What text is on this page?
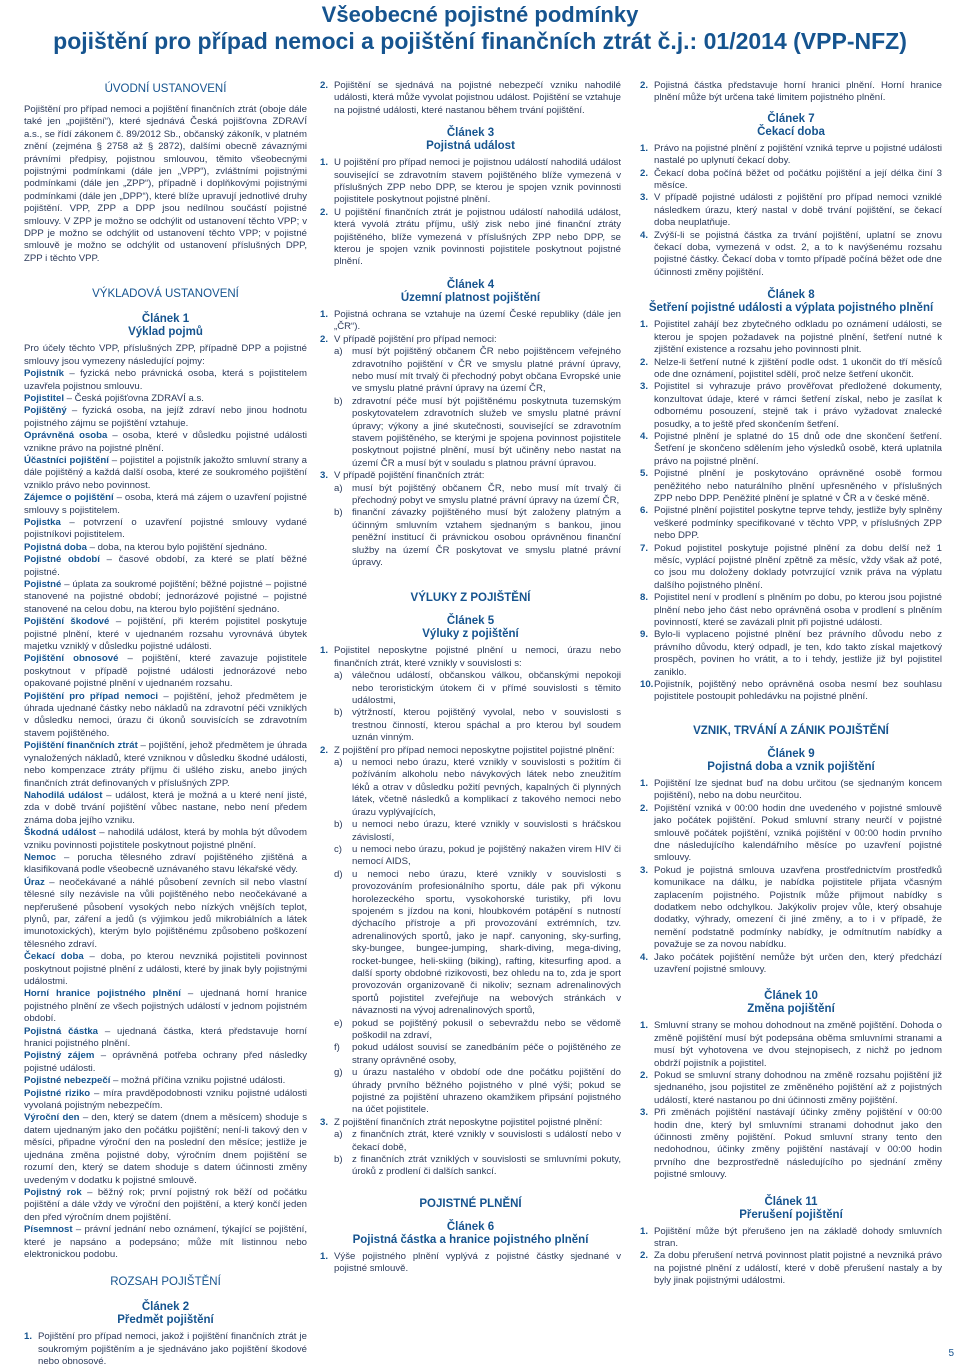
Všeobecné pojistné podmínky
pojištění pro případ nemoci a pojištění finančních ztrát č.j.: 01/2014 (VPP-NFZ)
ÚVODNÍ USTANOVENÍ

Pojištění pro případ nemoci a pojištění finančních ztrát (oboje dále také jen „pojištění“), které sjednává Česká pojišťovna ZDRAVÍ a.s., se řídí zákonem č. 89/2012 Sb., občanský zákoník, v platném znění (zejména § 2758 až § 2872), dalšími obecně závaznými právními předpisy, pojistnou smlouvou, těmito všeobecnými pojistnými podmínkami (dále jen „VPP“), zvláštními pojistnými podmínkami (dále jen „ZPP“), případně i doplňkovými pojistnými podmínkami (dále jen „DPP“), které blíže upravují jednotlivé druhy pojištění. VPP, ZPP a DPP jsou nedílnou součástí pojistné smlouvy. V ZPP je možno se odchýlit od ustanovení těchto VPP; v DPP je možno se odchýlit od ustanovení těchto VPP; v pojistné smlouvě je možno se odchýlit od ustanovení příslušných DPP, ZPP i těchto VPP.

VÝKLADOVÁ USTANOVENÍ
Článek 1
Výklad pojmů

Pro účely těchto VPP, příslušných ZPP, případně DPP a pojistné smlouvy jsou vymezeny následující pojmy:

Pojistník – fyzická nebo právnická osoba, která s pojistitelem uzavřela pojistnou smlouvu.

Pojistitel – Česká pojišťovna ZDRAVÍ a.s.

Pojištěný – fyzická osoba, na jejíž zdraví nebo jinou hodnotu pojistného zájmu se pojištění vztahuje.

Oprávněná osoba – osoba, které v důsledku pojistné události vznikne právo na pojistné plnění.

Účastníci pojištění – pojistitel a pojistník jakožto smluvní strany a dále pojištěný a každá další osoba, které ze soukromého pojištění vzniklo právo nebo povinnost.

Zájemce o pojištění – osoba, která má zájem o uzavření pojistné smlouvy s pojistitelem.

Pojistka – potvrzení o uzavření pojistné smlouvy vydané pojistníkovi pojistitelem.

Pojistná doba – doba, na kterou bylo pojištění sjednáno.

Pojistné období – časové období, za které se platí běžné pojistné.

Pojistné – úplata za soukromé pojištění; běžné pojistné – pojistné stanovené na pojistné období; jednorázové pojistné – pojistné stanovené na celou dobu, na kterou bylo pojištění sjednáno.

Pojištění škodové – pojištění, při kterém pojistitel poskytuje pojistné plnění, které v ujednaném rozsahu vyrovnává úbytek majetku vzniklý v důsledku pojistné události.

Pojištění obnosové – pojištění, které zavazuje pojistitele poskytnout v případě pojistné události jednorázové nebo opakované pojistné plnění v ujednaném rozsahu.

Pojištění pro případ nemoci – pojištění, jehož předmětem je úhrada ujednané částky nebo nákladů na zdravotní péči vzniklých v důsledku nemoci, úrazu či úkonů souvisících se zdravotním stavem pojištěného.

Pojištění finančních ztrát – pojištění, jehož předmětem je úhrada vynaložených nákladů, které vzniknou v důsledku škodné události, nebo kompenzace ztráty příjmu či ušlého zisku, anebo jiných finančních ztrát definovaných v příslušných ZPP.

Nahodilá událost – událost, která je možná a u které není jisté, zda v době trvání pojištění vůbec nastane, nebo není předem známa doba jejího vzniku.

Škodná událost – nahodilá událost, která by mohla být důvodem vzniku povinnosti pojistitele poskytnout pojistné plnění.

Nemoc – porucha tělesného zdraví pojištěného zjištěná a klasifikovaná podle všeobecně uznávaného stavu lékařské vědy.

Úraz – neočekávané a náhlé působení zevních sil nebo vlastní tělesné síly nezávisle na vůli pojištěného nebo neočekávané a nepřerušené působení vysokých nebo nízkých vnějších teplot, plynů, par, záření a jedů (s výjimkou jedů mikrobiálních a látek imunotoxických), kterým bylo pojištěnému způsobeno poškození tělesného zdraví.

Čekací doba – doba, po kterou nevzniká pojistiteli povinnost poskytnout pojistné plnění z události, které by jinak byly pojistnými událostmi.

Horní hranice pojistného plnění – ujednaná horní hranice pojistného plnění ze všech pojistných událostí v jednom pojistném období.

Pojistná částka – ujednaná částka, která představuje horní hranici pojistného plnění.

Pojistný zájem – oprávněná potřeba ochrany před následky pojistné události.

Pojistné nebezpečí – možná příčina vzniku pojistné události.

Pojistné riziko – míra pravděpodobnosti vzniku pojistné události vyvolaná pojistným nebezpečím.

Výroční den – den, který se datem (dnem a měsícem) shoduje s datem ujednaným jako den počátku pojištění; není-li takový den v měsíci, připadne výroční den na poslední den měsíce; jestliže je ujednána změna pojistné doby, výročním dnem pojištění se rozumí den, který se datem shoduje s datem účinnosti změny uvedeným v dodatku k pojistné smlouvě.

Pojistný rok – běžný rok; první pojistný rok běží od počátku pojištění a dále vždy ve výroční den pojištění, a který končí jeden den před výročním dnem pojištění.

Písemnost – právní jednání nebo oznámení, týkající se pojištění, které je napsáno a podepsáno; může mít listinnou nebo elektronickou podobu.

ROZSAH POJIŠTĚNÍ
Článek 2
Předmět pojištění
1. Pojištění pro případ nemoci, jakož i pojištění finančních ztrát je soukromým pojištěním a je sjednáváno jako pojištění škodové nebo obnosové.
2. Pojištění se sjednává na pojistné nebezpečí vzniku nahodilé události, která může vyvolat pojistnou událost. Pojištění se vztahuje na pojistné události, které nastanou během trvání pojištění.
Článek 3
Pojistná událost
1. U pojištění pro případ nemoci je pojistnou událostí nahodilá událost související se zdravotním stavem pojištěného blíže vymezená v příslušných ZPP nebo DPP, se kterou je spojen vznik povinnosti pojistitele poskytnout pojistné plnění.
2. U pojištění finančních ztrát je pojistnou událostí nahodilá událost, která vyvolá ztrátu příjmu, ušlý zisk nebo jiné finanční ztráty pojištěného, blíže vymezená v příslušných ZPP nebo DPP, se kterou je spojen vznik povinnosti pojistitele poskytnout pojistné plnění.
Článek 4
Územní platnost pojištění
1. Pojistná ochrana se vztahuje na území České republiky (dále jen „ČR“).
2. V případě pojištění pro případ nemoci:
a) musí být pojištěný občanem ČR nebo pojištěncem veřejného zdravotního pojištění v ČR ve smyslu platné právní úpravy, nebo musí mít trvalý či přechodný pobyt občana Evropské unie ve smyslu platné právní úpravy na území ČR,
b) zdravotní péče musí být pojištěnému poskytnuta tuzemským poskytovatelem zdravotních služeb ve smyslu platné právní úpravy; výkony a jiné skutečnosti, související se zdravotním stavem pojištěného, se kterými je spojena povinnost pojistitele poskytnout pojistné plnění, musí být učiněny nebo nastat na území ČR a musí být v souladu s platnou právní úpravou.
3. V případě pojištění finančních ztrát:
a) musí být pojištěný občanem ČR, nebo musí mít trvalý či přechodný pobyt ve smyslu platné právní úpravy na území ČR,
b) finanční závazky pojištěného musí být založeny platným a účinným smluvním vztahem sjednaným s bankou, jinou peněžní institucí či právnickou osobou oprávněnou finanční služby na území ČR poskytovat ve smyslu platné právní úpravy.
VÝLUKY Z POJIŠTĚNÍ
Článek 5
Výluky z pojištění
1. Pojistitel neposkytne pojistné plnění u nemoci, úrazu nebo finančních ztrát, které vznikly v souvislosti s:
a) válečnou událostí, občanskou válkou, občanskými nepokoji nebo teroristickým útokem či v přímé souvislosti s těmito událostmi,
b) výtržností, kterou pojištěný vyvolal, nebo v souvislosti s trestnou činností, kterou spáchal a pro kterou byl soudem uznán vinným.
2. Z pojištění pro případ nemoci neposkytne pojistitel pojistné plnění:
a) u nemoci nebo úrazu, které vznikly v souvislosti s požitím či požíváním alkoholu nebo návykových látek nebo zneužitím léků a otrav v důsledku požití pevných, kapalných či plynných látek, včetně následků a komplikací z takového nemoci nebo úrazu vyplývajících,
b) u nemoci nebo úrazu, které vznikly v souvislosti s hráčskou závislostí,
c)	u nemoci nebo úrazu, pokud je pojištěný nakažen virem HIV či nemocí AIDS,
d) u nemoci nebo úrazu, které vznikly v souvislosti s provozováním profesionálního sportu, dále pak při výkonu horolezeckého sportu, vysokohorské turistiky, při lovu spojeném s jízdou na koni, hloubkovém potápění s nutností dýchacího přístroje a při provozování extrémních, tzv. adrenalinových sportů, jako je např. canyoning, sky-surfing, sky-bungee, bungee-jumping, shark-diving, mega-diving, rocket-bungee, heli-skiing (biking), rafting, kitesurfing apod. a další sporty obdobné rizikovosti, bez ohledu na to, zda je sport provozován organizovaně či nikoliv; seznam adrenalinových sportů pojistitel zveřejňuje na webových stránkách v návaznosti na vývoj adrenalinových sportů,
e) pokud se pojištěný pokusil o sebevraždu nebo se vědomě poškodil na zdraví,
f)	pokud událost souvisí se zanedbáním péče o pojištěného ze strany oprávněné osoby,
g) u úrazu nastalého v období ode dne počátku pojištění do úhrady prvního běžného pojistného v plné výši; pokud se pojistné za pojištění uhrazeno okamžikem připsání pojistného na účet pojistitele.
3. Z pojištění finančních ztrát neposkytne pojistitel pojistné plnění:
a) z finančních ztrát, které vznikly v souvislosti s událostí nebo v čekací době,
b) z finančních ztrát vzniklých v souvislosti se smluvními pokuty, úroků z prodlení či dalších sankcí.
POJISTNÉ PLNĚNÍ
Článek 6
Pojistná částka a hranice pojistného plnění
1. Výše pojistného plnění vyplývá z pojistné částky sjednané v pojistné smlouvě.
2. Pojistná částka představuje horní hranici plnění. Horní hranice plnění může být určena také limitem pojistného plnění.
Článek 7
Čekací doba
1. Právo na pojistné plnění z pojištění vzniká teprve u pojistné události nastalé po uplynutí čekací doby.
2. Čekací doba počíná běžet od počátku pojištění a její délka činí 3 měsíce.
3. V případě pojistné události z pojištění pro případ nemoci vzniklé následkem úrazu, který nastal v době trvání pojištění, se čekací doba neuplatňuje.
4. Zvýší-li se pojistná částka za trvání pojištění, uplatní se znovu čekací doba, vymezená v odst. 2, a to k navýšenému rozsahu pojistné částky. Čekací doba v tomto případě počíná běžet ode dne účinnosti změny pojištění.
Článek 8
Šetření pojistné události a výplata pojistného plnění
1. Pojistitel zahájí bez zbytečného odkladu po oznámení události, se kterou je spojen požadavek na pojistné plnění, šetření nutné k zjištění existence a rozsahu jeho povinnosti plnit.
2. Nelze-li šetření nutné k zjištění podle odst. 1 ukončit do tří měsíců ode dne oznámení, pojistitel sdělí, proč nelze šetření ukončit.
3. Pojistitel si vyhrazuje právo prověřovat předložené dokumenty, konzultovat údaje, které v rámci šetření získal, nebo je zasílat k odbornému posouzení, stejně tak i právo vyžadovat znalecké posudky, a to ještě před skončením šetření.
4. Pojistné plnění je splatné do 15 dnů ode dne skončení šetření. Šetření je skončeno sdělením jeho výsledků osobě, která uplatnila právo na pojistné plnění.
5. Pojistné plnění je poskytováno oprávněné osobě formou peněžitého nebo naturálního plnění upřesněného v příslušných ZPP nebo DPP. Peněžité plnění je splatné v ČR a v české měně.
6. Pojistné plnění pojistitel poskytne teprve tehdy, jestliže byly splněny veškeré podmínky specifikované v těchto VPP, v příslušných ZPP nebo DPP.
7. Pokud pojistitel poskytuje pojistné plnění za dobu delší než 1 měsíc, vyplácí pojistné plnění zpětně za měsíc, vždy však až poté, co jsou mu doloženy doklady potvrzující vznik práva na výplatu dalšího pojistného plnění.
8. Pojistitel není v prodlení s plněním po dobu, po kterou jsou pojistné plnění nebo jeho část nebo oprávněná osoba v prodlení s plněním povinností, které se zavázali plnit při pojistné události.
9. Bylo-li vyplaceno pojistné plnění bez právního důvodu nebo z právního důvodu, který odpadl, je ten, kdo takto získal majetkový prospěch, povinen ho vrátit, a to i tehdy, jestliže již byl pojistitel zaniklo.
10. Pojistník, pojištěný nebo oprávněná osoba nesmí bez souhlasu pojistitele postoupit pohledávku na pojistné plnění.
VZNIK, TRVÁNÍ A ZÁNIK POJIŠTĚNÍ
Článek 9
Pojistná doba a vznik pojištění
1. Pojištění lze sjednat buď na dobu určitou (se sjednaným koncem pojištění), nebo na dobu neurčitou.
2. Pojištění vzniká v 00:00 hodin dne uvedeného v pojistné smlouvě jako počátek pojištění. Pokud smluvní strany neurčí v pojistné smlouvě počátek pojištění, vzniká pojištění v 00:00 hodin prvního dne následujícího kalendářního měsíce po uzavření pojistné smlouvy.
3. Pokud je pojistná smlouva uzavřena prostřednictvím prostředků komunikace na dálku, je nabídka pojistitele přijata včasným zaplacením pojistného. Pojistník může přijmout nabídky s dodatkem nebo odchylkou. Jakýkoliv projev vůle, který obsahuje dodatky, výhrady, omezení či jiné změny, a to i v případě, že nemění podstatně podmínky nabídky, je odmítnutím nabídky a považuje se za novou nabídku.
4. Jako počátek pojištění nemůže být určen den, který předchází uzavření pojistné smlouvy.
Článek 10
Změna pojištění
1. Smluvní strany se mohou dohodnout na změně pojištění. Dohoda o změně pojištění musí být podepsána oběma smluvními stranami a musí být vyhotovena ve dvou stejnopisech, z nichž po jednom obdrží pojistník a pojistitel.
2. Pokud se smluvní strany dohodnou na změně rozsahu pojištění již sjednaného, jsou pojistitel ze změněného pojištění až z pojistných událostí, které nastanou po dni účinnosti změny pojištění.
3. Při změnách pojištění nastávají účinky změny pojištění v 00:00 hodin dne, který byl smluvními stranami dohodnut jako den účinnosti změny pojištění. Pokud smluvní strany tento den nedohodnou, účinky změny pojištění nastávají v 00:00 hodin prvního dne bezprostředně následujícího po sjednání změny pojistné smlouvy.
Článek 11
Přerušení pojištění
1. Pojištění může být přerušeno jen na základě dohody smluvních stran.
2. Za dobu přerušení netrvá povinnost platit pojistné a nevzniká právo na pojistné plnění z událostí, které v době přerušení nastaly a by byly jinak pojistnými událostmi.
5
